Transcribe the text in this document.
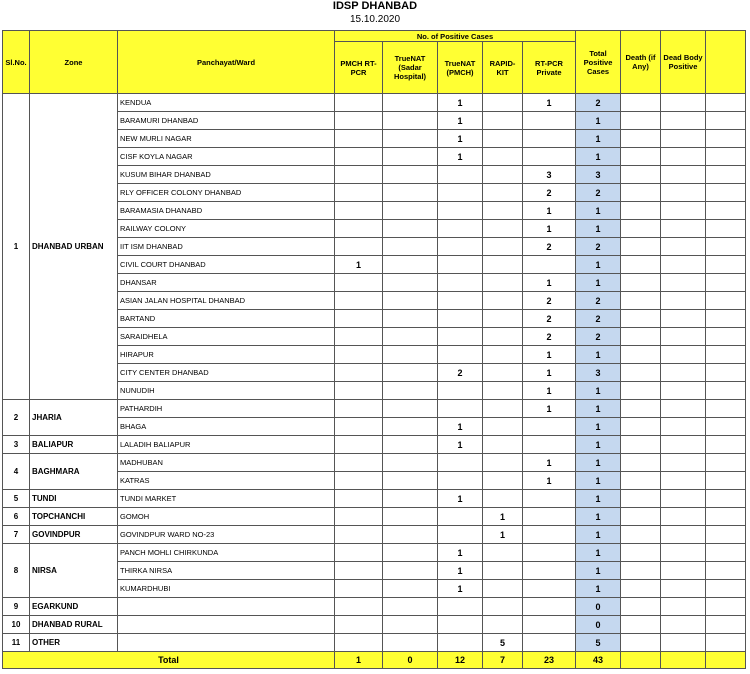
IDSP DHANBAD
15.10.2020
Sl.No.	Zone	Panchayat/Ward	No. of Positive Cases					Total Positive Cases	Death (if Any)	Dead Body Positive	
			PMCH RT-PCR	TrueNAT (Sadar Hospital)	TrueNAT (PMCH)	RAPID-KIT	RT-PCR Private				
1	DHANBAD URBAN	KENDUA			1		1	2			
		BARAMURI DHANBAD			1			1			
		NEW MURLI NAGAR			1			1			
		CISF KOYLA NAGAR			1			1			
		KUSUM BIHAR DHANBAD					3	3			
		RLY OFFICER COLONY DHANBAD					2	2			
		BARAMASIA DHANABD					1	1			
		RAILWAY COLONY					1	1			
		IIT ISM DHANBAD					2	2			
		CIVIL COURT DHANBAD	1					1			
		DHANSAR					1	1			
		ASIAN JALAN HOSPITAL DHANBAD					2	2			
		BARTAND					2	2			
		SARAIDHELA					2	2			
		HIRAPUR					1	1			
		CITY CENTER DHANBAD			2		1	3			
		NUNUDIH					1	1			
2	JHARIA	PATHARDIH					1	1			
		BHAGA			1			1			
3	BALIAPUR	LALADIH BALIAPUR			1			1			
4	BAGHMARA	MADHUBAN					1	1			
		KATRAS					1	1			
5	TUNDI	TUNDI MARKET			1			1			
6	TOPCHANCHI	GOMOH				1		1			
7	GOVINDPUR	GOVINDPUR WARD NO-23				1		1			
8	NIRSA	PANCH MOHLI CHIRKUNDA			1			1			
		THIRKA NIRSA			1			1			
		KUMARDHUBI			1			1			
9	EGARKUND							0			
10	DHANBAD RURAL							0			
11	OTHER					5		5			
Total			1	0	12	7	23	43			
